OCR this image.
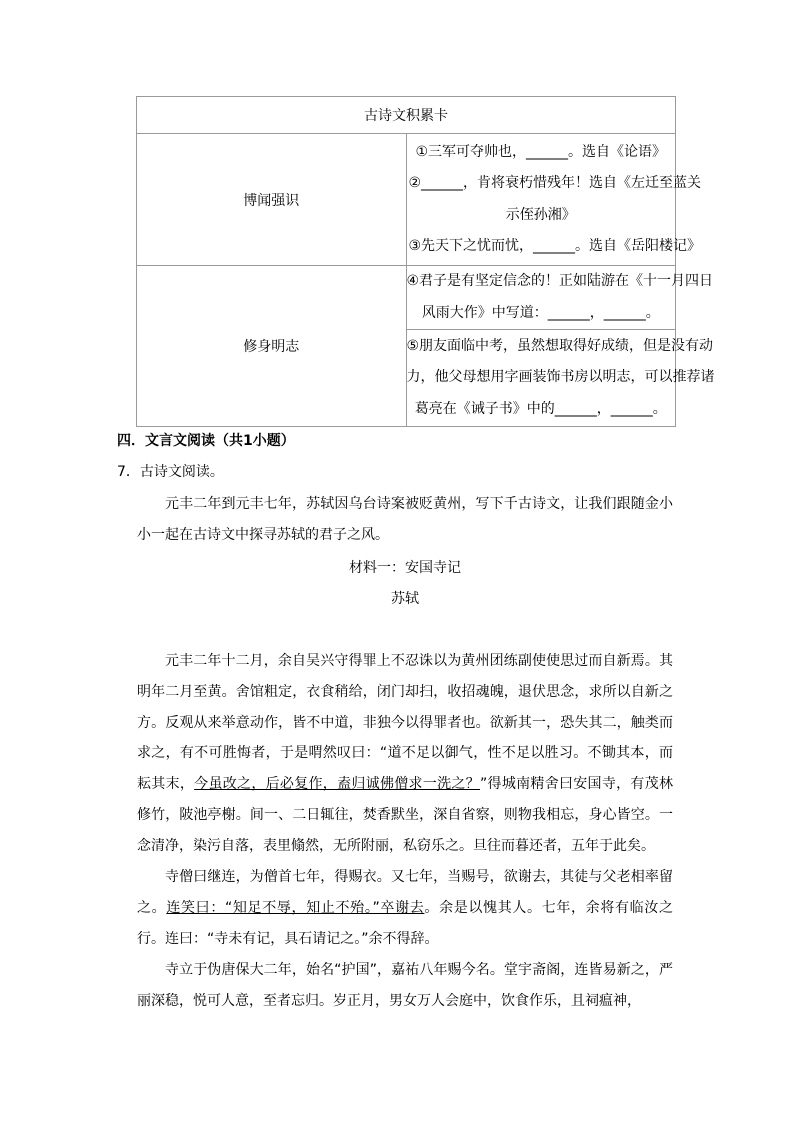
古诗文积累卡	
博闻强识	①三军可夺帅也，______。选自《论语》
②______，肯将衰朽惜残年！选自《左迁至蓝关
示侄孙湘》
③先天下之忧而忧，______。选自《岳阳楼记》

修身明志	④君子是有坚定信念的！正如陆游在《十一月四日
风雨大作》中写道：______，______。

	⑤朋友面临中考，虽然想取得好成绩，但是没有动
力，他父母想用字画装饰书房以明志，可以推荐诸
葛亮在《诫子书》中的______，______。
四．文言文阅读（共1小题）
7．古诗文阅读。

元丰二年到元丰七年，苏轼因乌台诗案被贬黄州，写下千古诗文，让我们跟随金小小一起在古诗文中探寻苏轼的君子之风。

材料一：安国寺记
苏轼

元丰二年十二月，余自吴兴守得罪上不忍诛以为黄州团练副使使思过而自新焉。其明年二月至黄。舍馆粗定，衣食稍给，闭门却扫，收招魂魄，退伏思念，求所以自新之方。反观从来举意动作，皆不中道，非独今以得罪者也。欲新其一，恐失其二，触类而求之，有不可胜悔者，于是喟然叹曰：“道不足以御气，性不足以胜习。不锄其本，而耘其末，今虽改之，后必复作，盍归诚佛僧求一洗之？”得城南精舍曰安国寺，有茂林修竹，陂池亭榭。间一、二日辄往，焚香默坐，深自省察，则物我相忘，身心皆空。一念清净，染污自落，表里翛然，无所附丽，私窃乐之。旦往而暮还者，五年于此矣。

寺僧曰继连，为僧首七年，得赐衣。又七年，当赐号，欲谢去，其徒与父老相率留之。连笑曰：“知足不辱，知止不殆。”卒谢去。余是以愧其人。七年，余将有临汝之行。连曰：“寺未有记，具石请记之。”余不得辞。

寺立于伪唐保大二年，始名“护国”，嘉祐八年赐今名。堂宇斋阁，连皆易新之，严丽深稳，悦可人意，至者忘归。岁正月，男女万人会庭中，饮食作乐，且祠瘟神，
